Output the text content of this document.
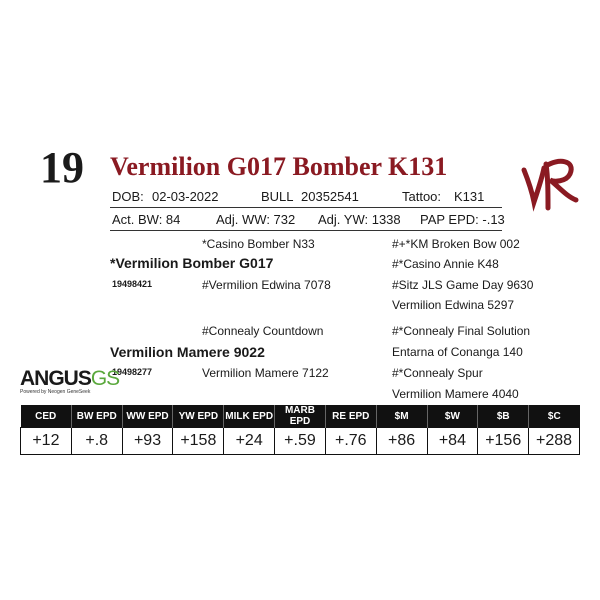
19 Vermilion G017 Bomber K131
DOB: 02-03-2022	BULL 20352541	Tattoo: K131
Act. BW: 84	Adj. WW: 732 Adj. YW: 1338 PAP EPD: -.13
*Casino Bomber N33	#+*KM Broken Bow 002
*Vermilion Bomber G017	#*Casino Annie K48
19498421	#Vermilion Edwina 7078	#Sitz JLS Game Day 9630
Vermilion Edwina 5297
#Connealy Countdown	#*Connealy Final Solution
Vermilion Mamere 9022	Entarna of Conanga 140
19498277	Vermilion Mamere 7122	#*Connealy Spur
Vermilion Mamere 4040
ANGUSGS
Powered by Neogen GeneSeek
CED	BW EPD	WW EPD	YW EPD	MILK EPD	MARB EPD	RE EPD	$M	$W	$B	$C
+12	+.8	+93	+158	+24	+.59	+.76	+86	+84	+156	+288
